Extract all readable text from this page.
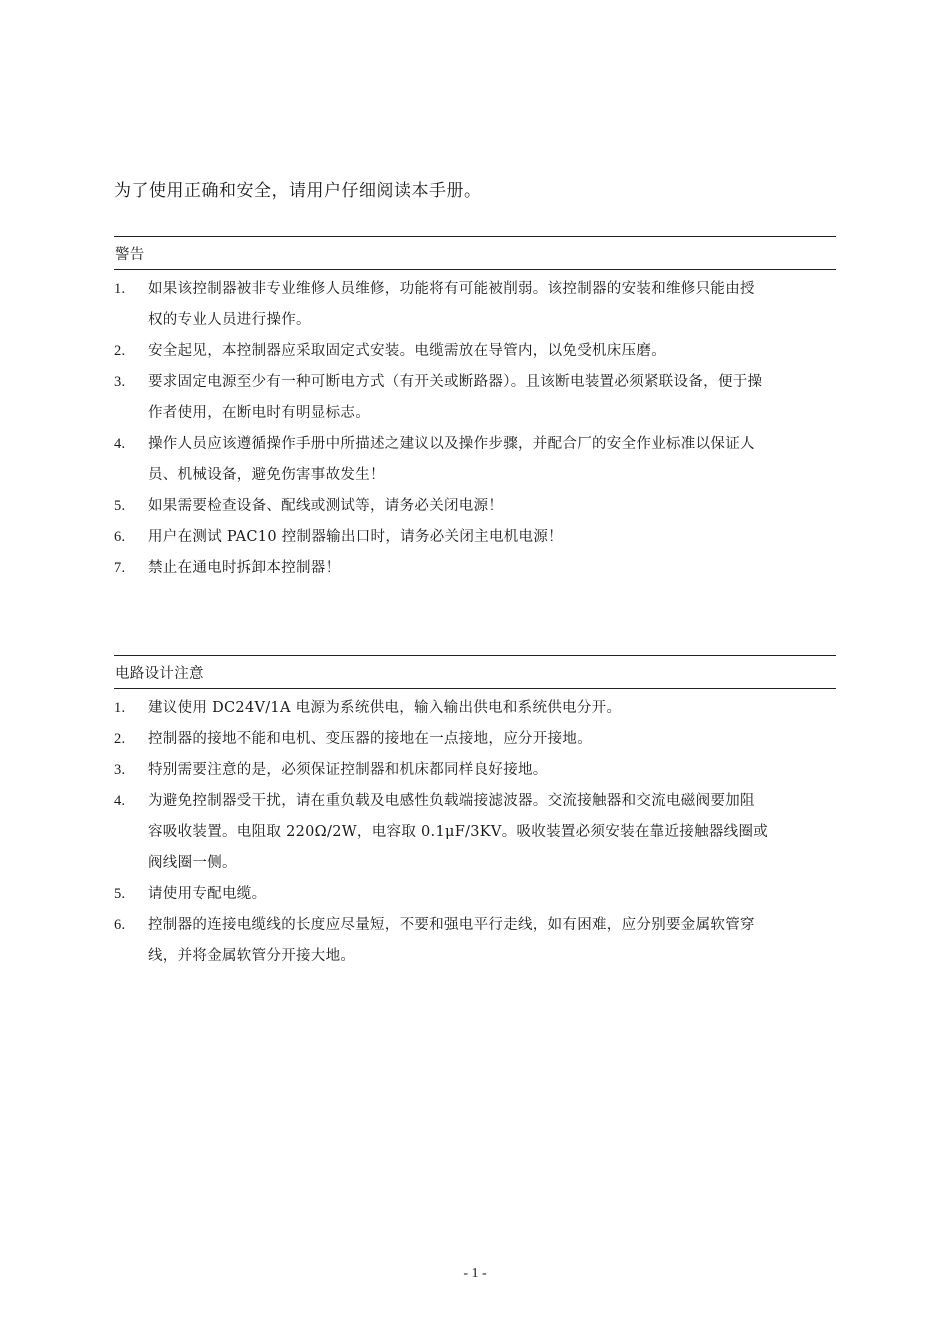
为了使用正确和安全，请用户仔细阅读本手册。
警告
1.	如果该控制器被非专业维修人员维修，功能将有可能被削弱。该控制器的安装和维修只能由授
权的专业人员进行操作。
2.	安全起见，本控制器应采取固定式安装。电缆需放在导管内，以免受机床压磨。
3.	要求固定电源至少有一种可断电方式（有开关或断路器）。且该断电装置必须紧联设备，便于操
作者使用，在断电时有明显标志。
4.	操作人员应该遵循操作手册中所描述之建议以及操作步骤，并配合厂的安全作业标准以保证人
员、机械设备，避免伤害事故发生！
5.	如果需要检查设备、配线或测试等，请务必关闭电源！
6.	用户在测试 PAC10 控制器输出口时，请务必关闭主电机电源！
7.	禁止在通电时拆卸本控制器！
电路设计注意
1.	建议使用 DC24V/1A 电源为系统供电，输入输出供电和系统供电分开。
2.	控制器的接地不能和电机、变压器的接地在一点接地，应分开接地。
3.	特别需要注意的是，必须保证控制器和机床都同样良好接地。
4.	为避免控制器受干扰，请在重负载及电感性负载端接滤波器。交流接触器和交流电磁阀要加阻
容吸收装置。电阻取 220Ω/2W，电容取 0.1μF/3KV。吸收装置必须安装在靠近接触器线圈或
阀线圈一侧。
5.	请使用专配电缆。
6.	控制器的连接电缆线的长度应尽量短，不要和强电平行走线，如有困难，应分别要金属软管穿
线，并将金属软管分开接大地。
- 1 -
